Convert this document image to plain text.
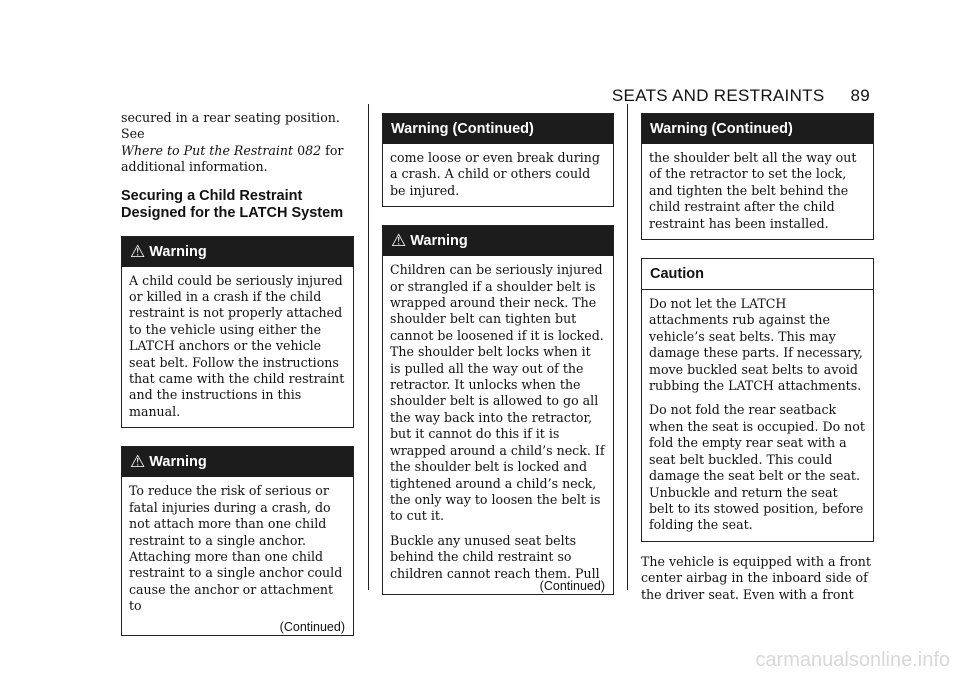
SEATS AND RESTRAINTS 89

secured in a rear seating position. See
Where to Put the Restraint 082 for
additional information.

Securing a Child Restraint Designed for the LATCH System
⚠ Warning

A child could be seriously injured or killed in a crash if the child restraint is not properly attached to the vehicle using either the LATCH anchors or the vehicle seat belt. Follow the instructions that came with the child restraint and the instructions in this manual.

⚠ Warning

To reduce the risk of serious or fatal injuries during a crash, do not attach more than one child restraint to a single anchor. Attaching more than one child restraint to a single anchor could cause the anchor or attachment to

(Continued)
Warning (Continued)

come loose or even break during a crash. A child or others could be injured.

⚠ Warning

Children can be seriously injured or strangled if a shoulder belt is wrapped around their neck. The shoulder belt can tighten but cannot be loosened if it is locked. The shoulder belt locks when it is pulled all the way out of the retractor. It unlocks when the shoulder belt is allowed to go all the way back into the retractor, but it cannot do this if it is wrapped around a child’s neck. If the shoulder belt is locked and tightened around a child’s neck, the only way to loosen the belt is to cut it.

Buckle any unused seat belts behind the child restraint so children cannot reach them. Pull

(Continued)
Warning (Continued)

the shoulder belt all the way out of the retractor to set the lock, and tighten the belt behind the child restraint after the child restraint has been installed.

Caution

Do not let the LATCH attachments rub against the vehicle’s seat belts. This may damage these parts. If necessary, move buckled seat belts to avoid rubbing the LATCH attachments.

Do not fold the rear seatback when the seat is occupied. Do not fold the empty rear seat with a seat belt buckled. This could damage the seat belt or the seat. Unbuckle and return the seat belt to its stowed position, before folding the seat.

The vehicle is equipped with a front center airbag in the inboard side of the driver seat. Even with a front

carmanualsonline.info
